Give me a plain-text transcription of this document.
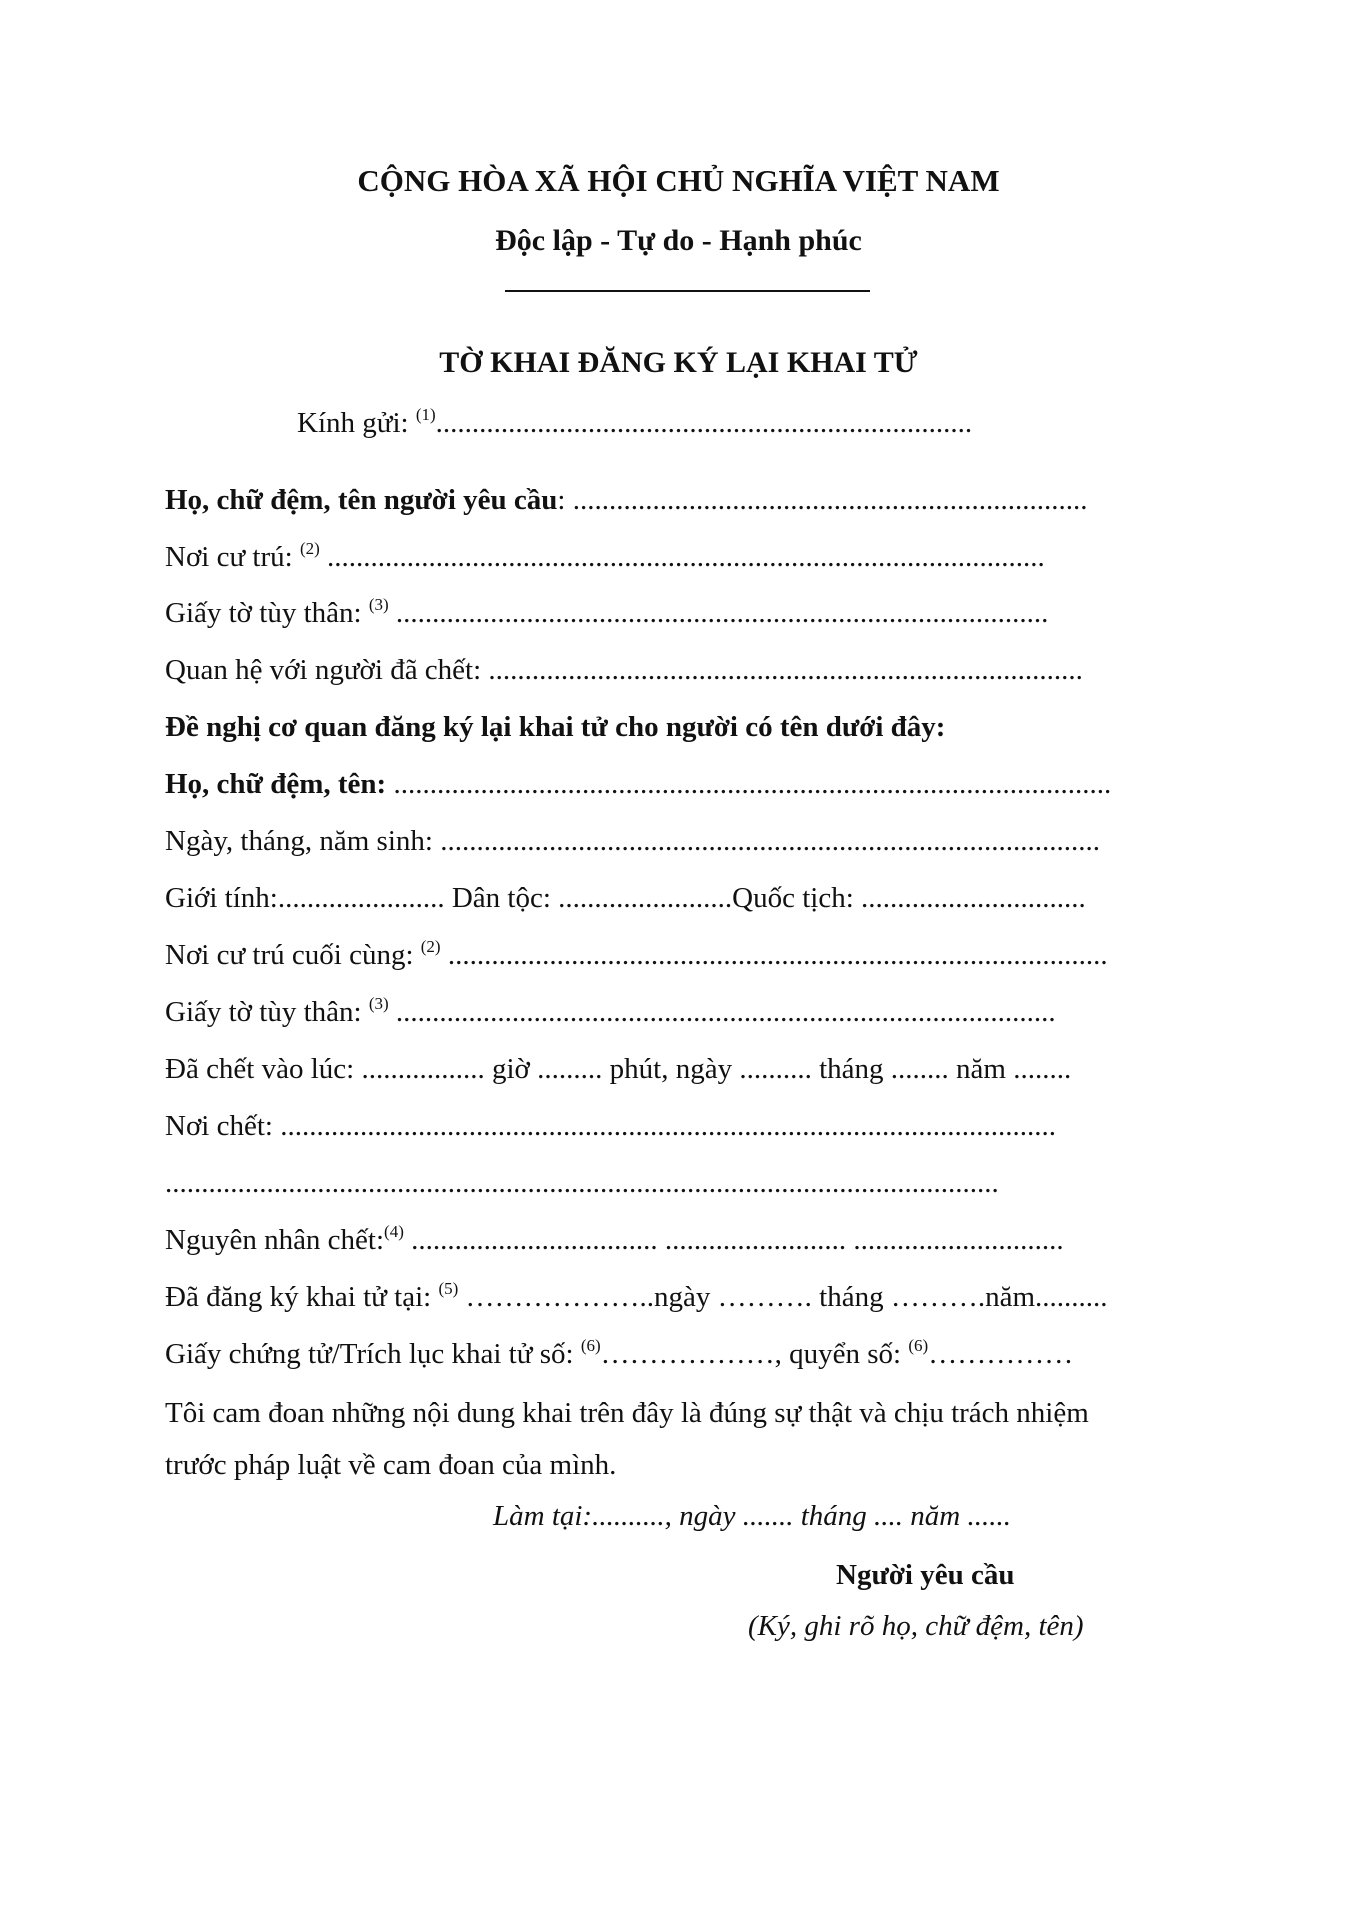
CỘNG HÒA XÃ HỘI CHỦ NGHĨA VIỆT NAM
Độc lập - Tự do - Hạnh phúc
TỜ KHAI ĐĂNG KÝ LẠI KHAI TỬ
Kính gửi: $^{(1)}$..........................................................................
Họ, chữ đệm, tên người yêu cầu: .......................................................................
Nơi cư trú: $^{(2)}$ ...................................................................................................
Giấy tờ tùy thân: $^{(3)}$ ..........................................................................................
Quan hệ với người đã chết: ..................................................................................
Đề nghị cơ quan đăng ký lại khai tử cho người có tên dưới đây:
Họ, chữ đệm, tên: ...................................................................................................
Ngày, tháng, năm sinh: ...........................................................................................
Giới tính:....................... Dân tộc: ........................Quốc tịch: ...............................
Nơi cư trú cuối cùng: $^{(2)}$ ...........................................................................................
Giấy tờ tùy thân: $^{(3)}$ ...........................................................................................
Đã chết vào lúc: ................. giờ ......... phút, ngày .......... tháng ........ năm ........
Nơi chết: ...........................................................................................................
...................................................................................................................
Nguyên nhân chết:$^{(4)}$ .................................. ......................... .............................
Đã đăng ký khai tử tại: $^{(5)}$ ………………..ngày ………. tháng ……….năm..........
Giấy chứng tử/Trích lục khai tử số: $^{(6)}$………………, quyển số: $^{(6)}$……………
Tôi cam đoan những nội dung khai trên đây là đúng sự thật và chịu trách nhiệm
trước pháp luật về cam đoan của mình.
Làm tại:.........., ngày ....... tháng .... năm ......
Người yêu cầu
(Ký, ghi rõ họ, chữ đệm, tên)
